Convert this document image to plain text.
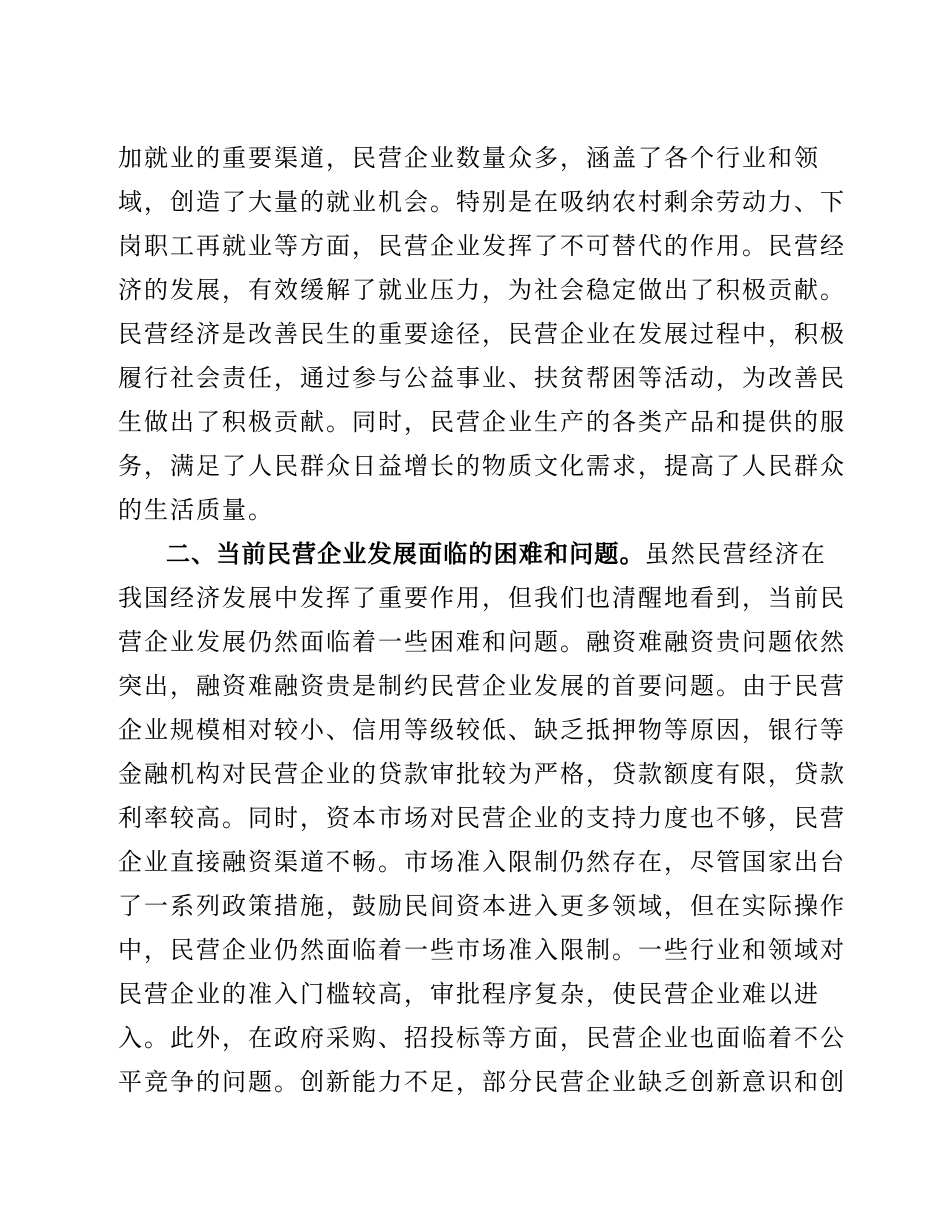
加就业的重要渠道，民营企业数量众多，涵盖了各个行业和领
域，创造了大量的就业机会。特别是在吸纳农村剩余劳动力、下
岗职工再就业等方面，民营企业发挥了不可替代的作用。民营经
济的发展，有效缓解了就业压力，为社会稳定做出了积极贡献。
民营经济是改善民生的重要途径，民营企业在发展过程中，积极
履行社会责任，通过参与公益事业、扶贫帮困等活动，为改善民
生做出了积极贡献。同时，民营企业生产的各类产品和提供的服
务，满足了人民群众日益增长的物质文化需求，提高了人民群众
的生活质量。
二、当前民营企业发展面临的困难和问题。虽然民营经济在
我国经济发展中发挥了重要作用，但我们也清醒地看到，当前民
营企业发展仍然面临着一些困难和问题。融资难融资贵问题依然
突出，融资难融资贵是制约民营企业发展的首要问题。由于民营
企业规模相对较小、信用等级较低、缺乏抵押物等原因，银行等
金融机构对民营企业的贷款审批较为严格，贷款额度有限，贷款
利率较高。同时，资本市场对民营企业的支持力度也不够，民营
企业直接融资渠道不畅。市场准入限制仍然存在，尽管国家出台
了一系列政策措施，鼓励民间资本进入更多领域，但在实际操作
中，民营企业仍然面临着一些市场准入限制。一些行业和领域对
民营企业的准入门槛较高，审批程序复杂，使民营企业难以进
入。此外，在政府采购、招投标等方面，民营企业也面临着不公
平竞争的问题。创新能力不足，部分民营企业缺乏创新意识和创
